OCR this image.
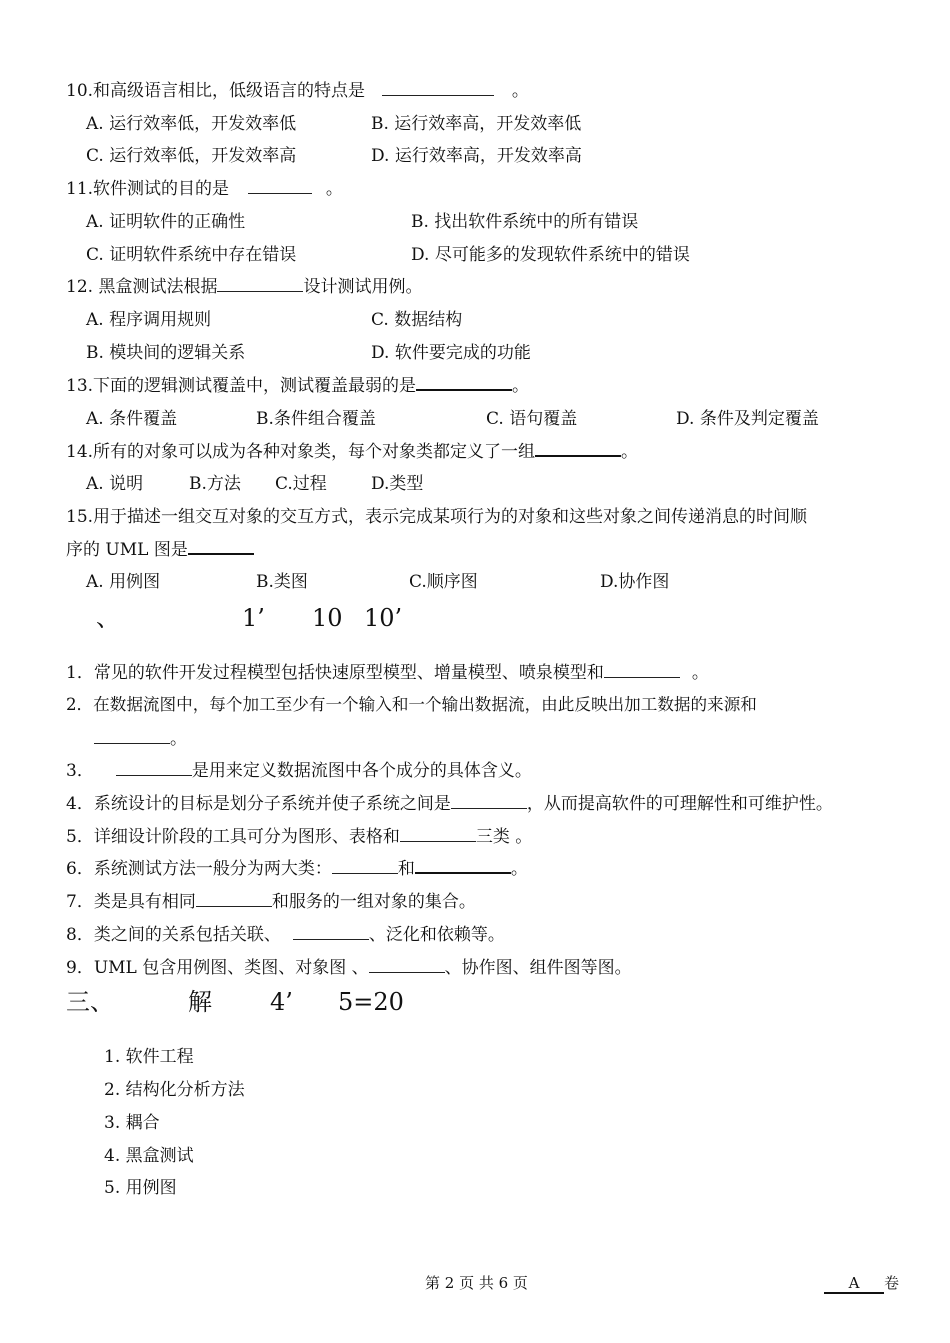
10.和高级语言相比，低级语言的特点是	。
A. 运行效率低，开发效率低	B. 运行效率高，开发效率低
C. 运行效率低，开发效率高	D. 运行效率高，开发效率高
11.软件测试的目的是	。
A. 证明软件的正确性	B. 找出软件系统中的所有错误
C. 证明软件系统中存在错误	D. 尽可能多的发现软件系统中的错误
12. 黑盒测试法根据	设计测试用例。
A. 程序调用规则	C. 数据结构
B. 模块间的逻辑关系	D. 软件要完成的功能
13.下面的逻辑测试覆盖中，测试覆盖最弱的是	。
A. 条件覆盖	B.条件组合覆盖	C. 语句覆盖	D. 条件及判定覆盖
14.所有的对象可以成为各种对象类，每个对象类都定义了一组	。
A. 说明	B.方法 C.过程	D.类型
15.用于描述一组交互对象的交互方式，表示完成某项行为的对象和这些对象之间传递消息的时间顺
序的 UML 图是
A. 用例图	B.类图	C.顺序图	D.协作图
、	1’ 10 10’
1．常见的软件开发过程模型包括快速原型模型、增量模型、喷泉模型和	。
2．在数据流图中，每个加工至少有一个输入和一个输出数据流，由此反映出加工数据的来源和
。
3．	是用来定义数据流图中各个成分的具体含义。
4．系统设计的目标是划分子系统并使子系统之间是	，从而提高软件的可理解性和可维护性。
5．详细设计阶段的工具可分为图形、表格和	三类 。
6．系统测试方法一般分为两大类：	和	。
7．类是具有相同	和服务的一组对象的集合。
8．类之间的关系包括关联、	、泛化和依赖等。
9．UML 包含用例图、类图、对象图 、	、协作图、组件图等图。
三、	解 4’ 5=20
1. 软件工程
2. 结构化分析方法
3. 耦合
4. 黑盒测试
5. 用例图
第 2 页 共 6 页	A 卷
